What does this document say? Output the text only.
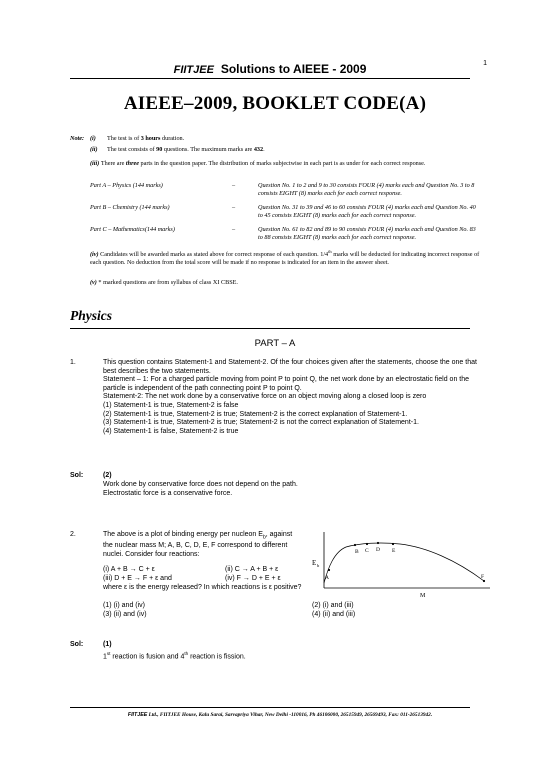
1
FIITJEE Solutions to AIEEE - 2009
AIEEE–2009, BOOKLET CODE(A)
Note: (i) The test is of 3 hours duration.
(ii) The test consists of 90 questions. The maximum marks are 432.
(iii) There are three parts in the question paper. The distribution of marks subjectwise in each part is as under for each correct response.
Part A – Physics (144 marks)	–	Question No. 1 to 2 and 9 to 30 consists FOUR (4) marks each and Question No. 3 to 8 consists EIGHT (8) marks each for each correct response.
Part B – Chemistry (144 marks)	–	Question No. 31 to 39 and 46 to 60 consists FOUR (4) marks each and Question No. 40 to 45 consists EIGHT (8) marks each for each correct response.
Part C – Mathematics(144 marks)	–	Question No. 61 to 82 and 89 to 90 consists FOUR (4) marks each and Question No. 83 to 88 consists EIGHT (8) marks each for each correct response.
(iv) Candidates will be awarded marks as stated above for correct response of each question. 1/4th marks will be deducted for indicating incorrect response of each question. No deduction from the total score will be made if no response is indicated for an item in the answer sheet.
(v) * marked questions are from syllabus of class XI CBSE.
Physics
PART – A
1.	This question contains Statement-1 and Statement-2. Of the four choices given after the statements, choose the one that best describes the two statements.
Statement – 1: For a charged particle moving from point P to point Q, the net work done by an electrostatic field on the particle is independent of the path connecting point P to point Q.
Statement-2: The net work done by a conservative force on an object moving along a closed loop is zero
(1) Statement-1 is true, Statement-2 is false
(2) Statement-1 is true, Statement-2 is true; Statement-2 is the correct explanation of Statement-1.
(3) Statement-1 is true, Statement-2 is true; Statement-2 is not the correct explanation of Statement-1.
(4) Statement-1 is false, Statement-2 is true
Sol:	(2)
Work done by conservative force does not depend on the path. Electrostatic force is a conservative force.
2.	The above is a plot of binding energy per nucleon $E_b$, against the nuclear mass M; A, B, C, D, E, F correspond to different nuclei. Consider four reactions:
(i) A + B → C + ε	(ii) C → A + B + ε
(iii) D + E → F + ε and	(iv) F → D + E + ε
where ε is the energy released? In which reactions is ε positive?
(1) (i) and (iv)	(2) (i) and (iii)
(3) (ii) and (iv)	(4) (ii) and (iii)
E b
M
A
B C D E
F
Sol:	(1)
1st reaction is fusion and 4th reaction is fission.
FIITJEE Ltd., FIITJEE House, Kalu Sarai, Sarvapriya Vihar, New Delhi -110016, Ph 46106000, 26515949, 26569493, Fax: 011-26513942.
